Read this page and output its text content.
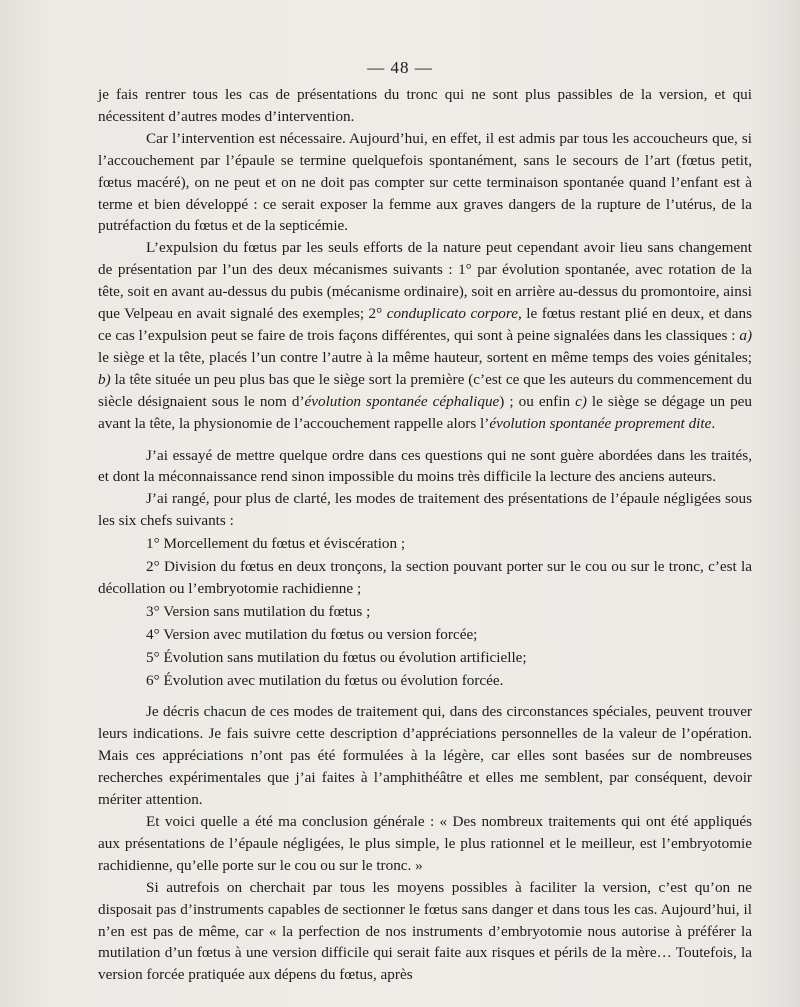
— 48 —

je fais rentrer tous les cas de présentations du tronc qui ne sont plus passibles de la version, et qui nécessitent d’autres modes d’intervention.

Car l’intervention est nécessaire. Aujourd’hui, en effet, il est admis par tous les accoucheurs que, si l’accouchement par l’épaule se termine quelquefois spontanément, sans le secours de l’art (fœtus petit, fœtus macéré), on ne peut et on ne doit pas compter sur cette terminaison spontanée quand l’enfant est à terme et bien développé : ce serait exposer la femme aux graves dangers de la rupture de l’utérus, de la putréfaction du fœtus et de la septicémie.

L’expulsion du fœtus par les seuls efforts de la nature peut cependant avoir lieu sans changement de présentation par l’un des deux mécanismes suivants : 1° par évolution spontanée, avec rotation de la tête, soit en avant au-dessus du pubis (mécanisme ordinaire), soit en arrière au-dessus du promontoire, ainsi que Velpeau en avait signalé des exemples; 2° conduplicato corpore, le fœtus restant plié en deux, et dans ce cas l’expulsion peut se faire de trois façons différentes, qui sont à peine signalées dans les classiques : a) le siège et la tête, placés l’un contre l’autre à la même hauteur, sortent en même temps des voies génitales; b) la tête située un peu plus bas que le siège sort la première (c’est ce que les auteurs du commencement du siècle désignaient sous le nom d’évolution spontanée céphalique) ; ou enfin c) le siège se dégage un peu avant la tête, la physionomie de l’accouchement rappelle alors l’évolution spontanée proprement dite.

J’ai essayé de mettre quelque ordre dans ces questions qui ne sont guère abordées dans les traités, et dont la méconnaissance rend sinon impossible du moins très difficile la lecture des anciens auteurs.

J’ai rangé, pour plus de clarté, les modes de traitement des présentations de l’épaule négligées sous les six chefs suivants :

1° Morcellement du fœtus et éviscération ;

2° Division du fœtus en deux tronçons, la section pouvant porter sur le cou ou sur le tronc, c’est la décollation ou l’embryotomie rachidienne ;

3° Version sans mutilation du fœtus ;

4° Version avec mutilation du fœtus ou version forcée;

5° Évolution sans mutilation du fœtus ou évolution artificielle;

6° Évolution avec mutilation du fœtus ou évolution forcée.

Je décris chacun de ces modes de traitement qui, dans des circonstances spéciales, peuvent trouver leurs indications. Je fais suivre cette description d’appréciations personnelles de la valeur de l’opération. Mais ces appréciations n’ont pas été formulées à la légère, car elles sont basées sur de nombreuses recherches expérimentales que j’ai faites à l’amphithéâtre et elles me semblent, par conséquent, devoir mériter attention.

Et voici quelle a été ma conclusion générale : « Des nombreux traitements qui ont été appliqués aux présentations de l’épaule négligées, le plus simple, le plus rationnel et le meilleur, est l’embryotomie rachidienne, qu’elle porte sur le cou ou sur le tronc. »

Si autrefois on cherchait par tous les moyens possibles à faciliter la version, c’est qu’on ne disposait pas d’instruments capables de sectionner le fœtus sans danger et dans tous les cas. Aujourd’hui, il n’en est pas de même, car « la perfection de nos instruments d’embryotomie nous autorise à préférer la mutilation d’un fœtus à une version difficile qui serait faite aux risques et périls de la mère… Toutefois, la version forcée pratiquée aux dépens du fœtus, après
